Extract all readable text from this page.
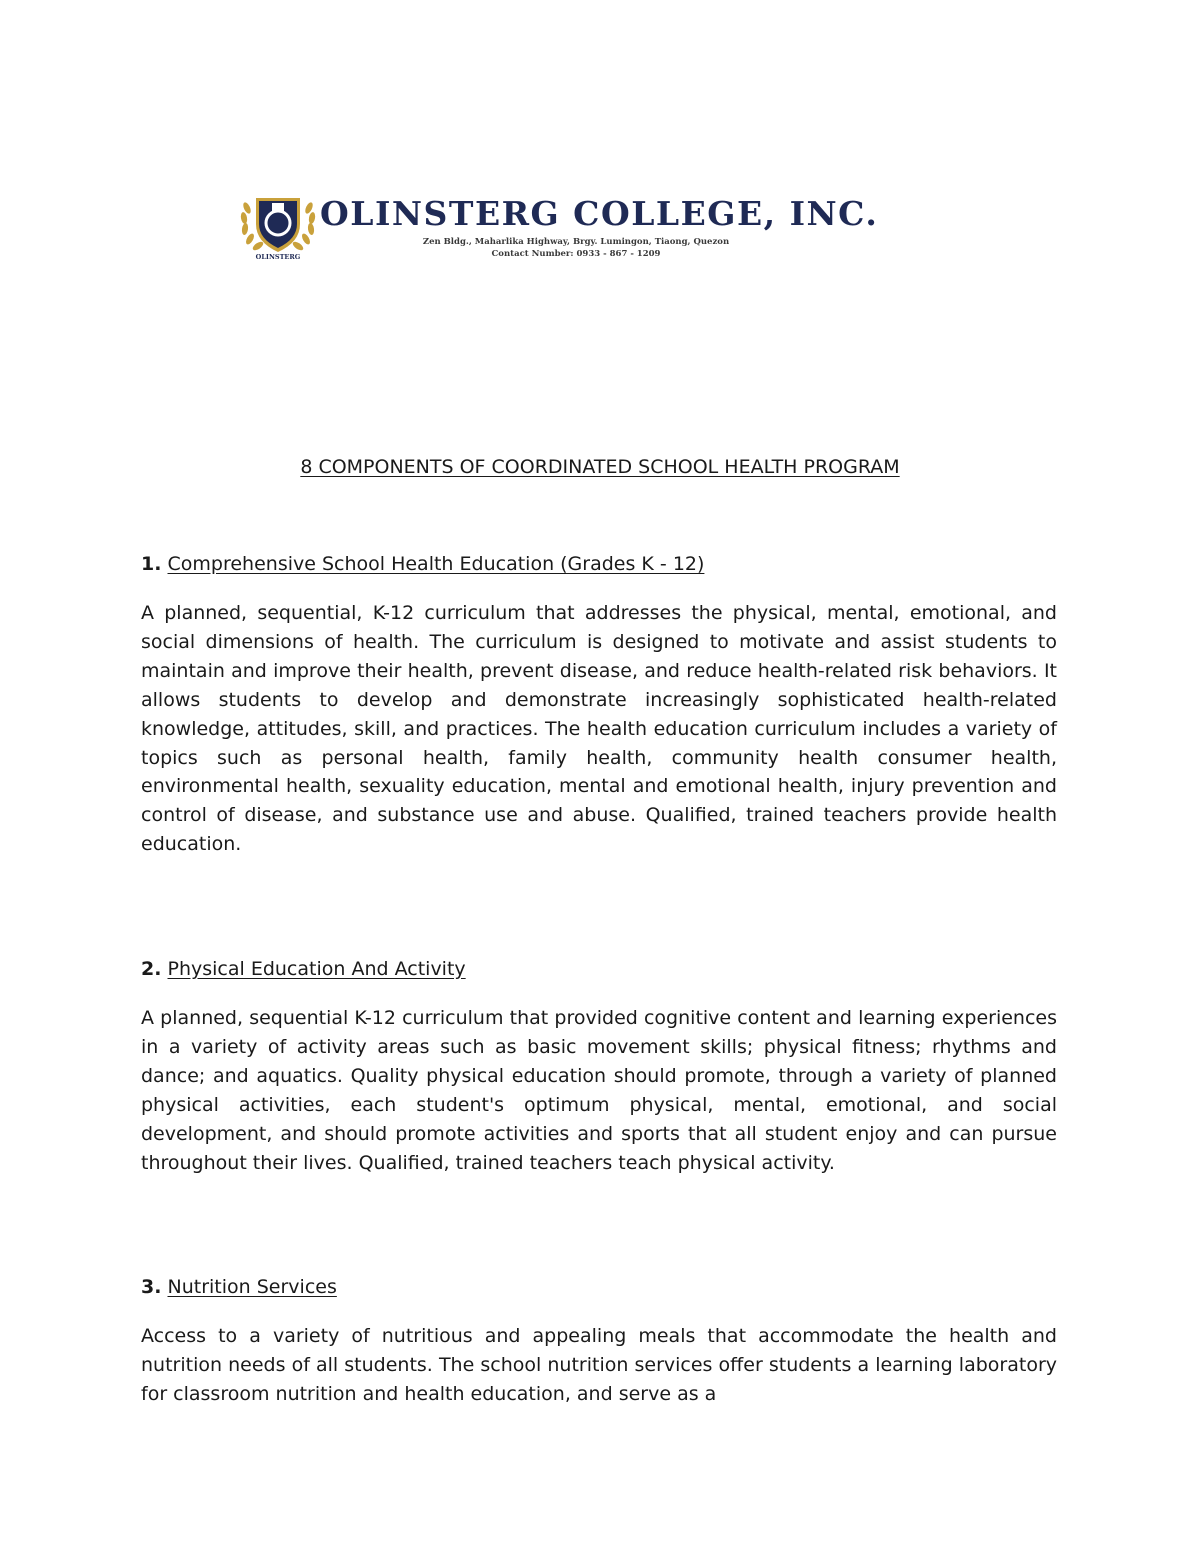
OLINSTERG
OLINSTERG COLLEGE, INC.
Zen Bldg., Maharlika Highway, Brgy. Lumingon, Tiaong, Quezon
Contact Number: 0933 - 867 - 1209
8 COMPONENTS OF COORDINATED SCHOOL HEALTH PROGRAM

1. Comprehensive School Health Education (Grades K - 12)

A planned, sequential, K-12 curriculum that addresses the physical, mental, emotional, and social dimensions of health. The curriculum is designed to motivate and assist students to maintain and improve their health, prevent disease, and reduce health-related risk behaviors. It allows students to develop and demonstrate increasingly sophisticated health-related knowledge, attitudes, skill, and practices. The health education curriculum includes a variety of topics such as personal health, family health, community health consumer health, environmental health, sexuality education, mental and emotional health, injury prevention and control of disease, and substance use and abuse. Qualified, trained teachers provide health education.

2. Physical Education And Activity

A planned, sequential K-12 curriculum that provided cognitive content and learning experiences in a variety of activity areas such as basic movement skills; physical fitness; rhythms and dance; and aquatics. Quality physical education should promote, through a variety of planned physical activities, each student's optimum physical, mental, emotional, and social development, and should promote activities and sports that all student enjoy and can pursue throughout their lives. Qualified, trained teachers teach physical activity.

3. Nutrition Services

Access to a variety of nutritious and appealing meals that accommodate the health and nutrition needs of all students. The school nutrition services offer students a learning laboratory for classroom nutrition and health education, and serve as a
